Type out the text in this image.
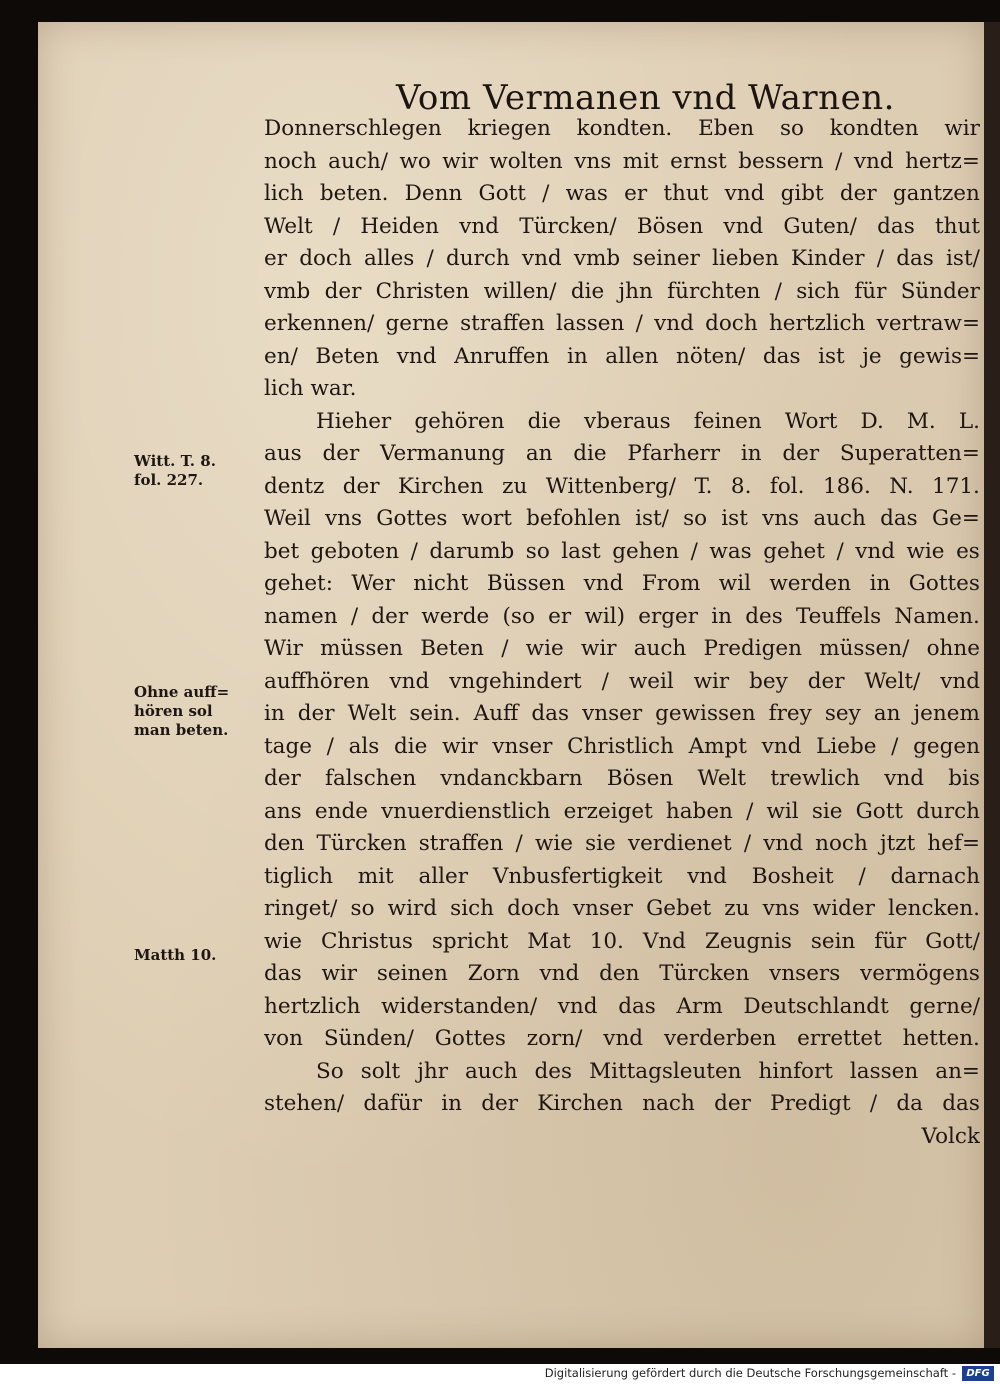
Vom Vermanen vnd Warnen.
Donnerschlegen kriegen kondten. Eben so kondten wir
noch auch/ wo wir wolten vns mit ernst bessern / vnd hertz=
lich beten. Denn Gott / was er thut vnd gibt der gantzen
Welt / Heiden vnd Türcken/ Bösen vnd Guten/ das thut
er doch alles / durch vnd vmb seiner lieben Kinder / das ist/
vmb der Christen willen/ die jhn fürchten / sich für Sünder
erkennen/ gerne straffen lassen / vnd doch hertzlich vertraw=
en/ Beten vnd Anruffen in allen nöten/ das ist je gewis=
lich war.
Hieher gehören die vberaus feinen Wort D. M. L.
aus der Vermanung an die Pfarherr in der Superatten=
dentz der Kirchen zu Wittenberg/ T. 8. fol. 186. N. 171.
Weil vns Gottes wort befohlen ist/ so ist vns auch das Ge=
bet geboten / darumb so last gehen / was gehet / vnd wie es
gehet: Wer nicht Büssen vnd From wil werden in Gottes
namen / der werde (so er wil) erger in des Teuffels Namen.
Wir müssen Beten / wie wir auch Predigen müssen/ ohne
auffhören vnd vngehindert / weil wir bey der Welt/ vnd
in der Welt sein. Auff das vnser gewissen frey sey an jenem
tage / als die wir vnser Christlich Ampt vnd Liebe / gegen
der falschen vndanckbarn Bösen Welt trewlich vnd bis
ans ende vnuerdienstlich erzeiget haben / wil sie Gott durch
den Türcken straffen / wie sie verdienet / vnd noch jtzt hef=
tiglich mit aller Vnbusfertigkeit vnd Bosheit / darnach
ringet/ so wird sich doch vnser Gebet zu vns wider lencken.
wie Christus spricht Mat 10. Vnd Zeugnis sein für Gott/
das wir seinen Zorn vnd den Türcken vnsers vermögens
hertzlich widerstanden/ vnd das Arm Deutschlandt gerne/
von Sünden/ Gottes zorn/ vnd verderben errettet hetten.
So solt jhr auch des Mittagsleuten hinfort lassen an=
stehen/ dafür in der Kirchen nach der Predigt / da das
Volck
Witt. T. 8.
fol. 227.
Ohne auff=
hören sol
man beten.
Matth 10.
Digitalisierung gefördert durch die Deutsche Forschungsgemeinschaft -	DFG
